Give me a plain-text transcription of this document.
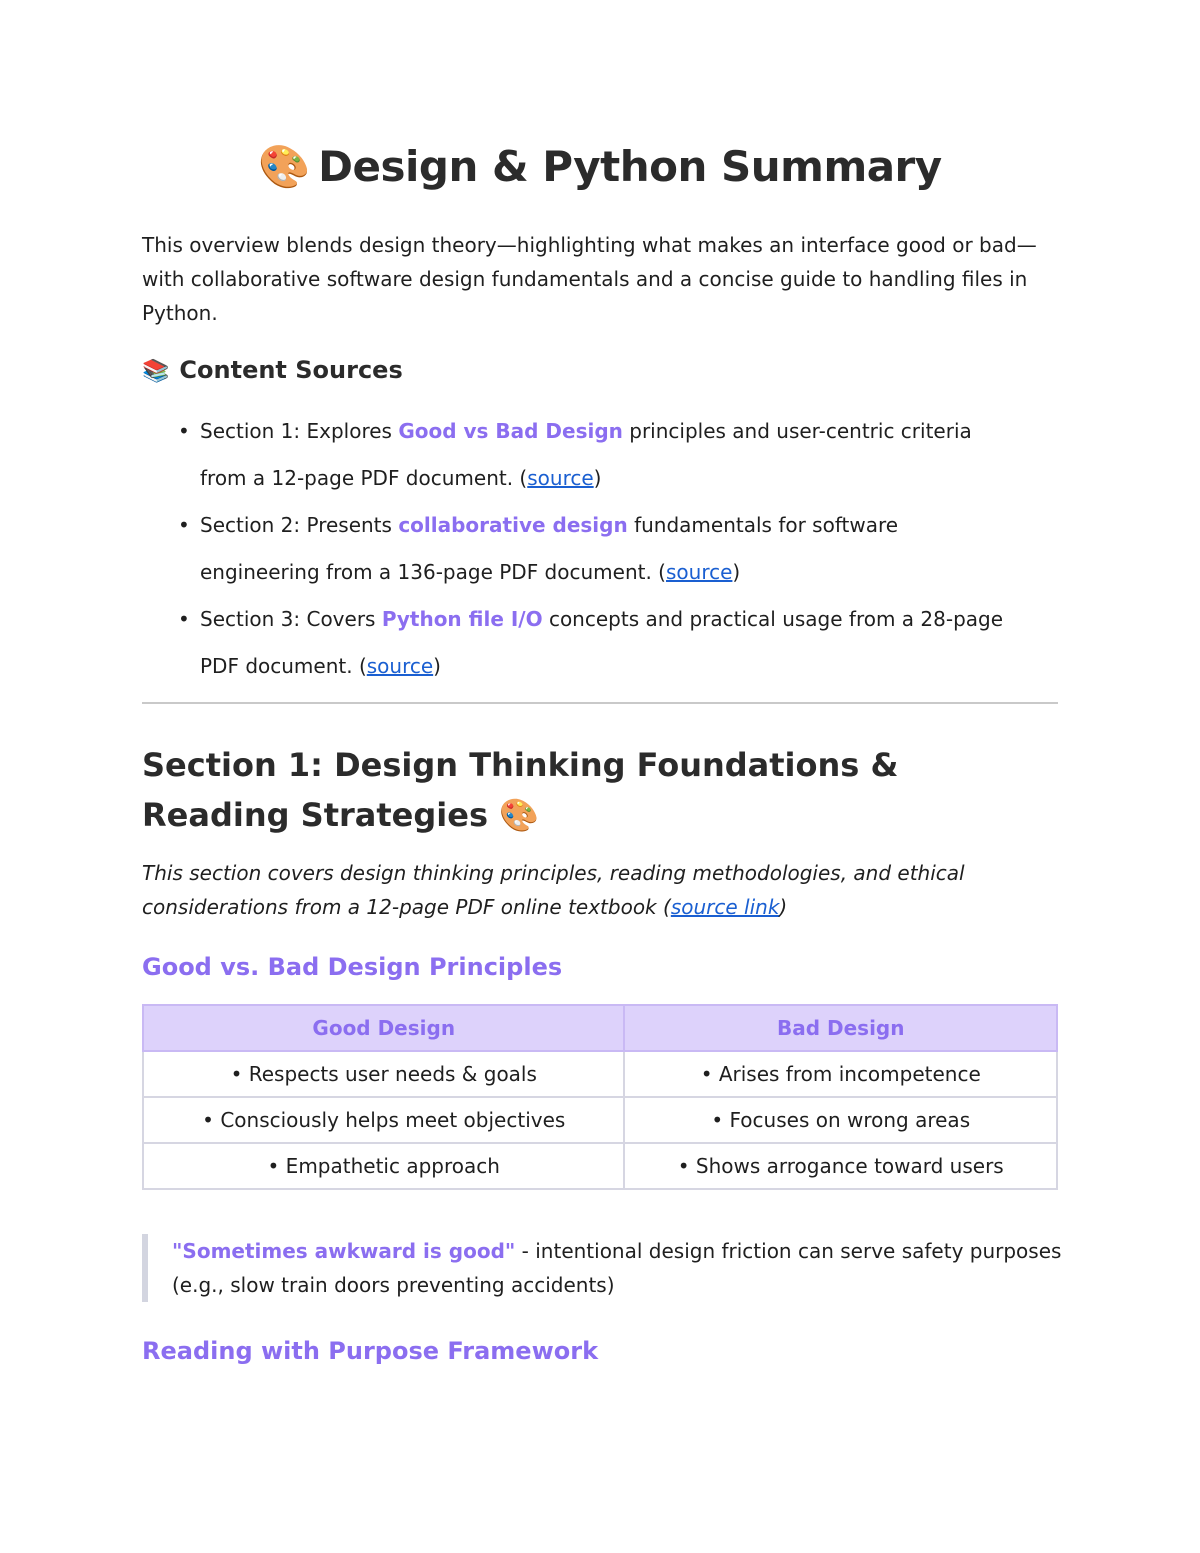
🎨 Design & Python Summary

This overview blends design theory—highlighting what makes an interface good or bad—with collaborative software design fundamentals and a concise guide to handling files in Python.

📚 Content Sources
• Section 1: Explores Good vs Bad Design principles and user-centric criteria from a 12-page PDF document. (source)
• Section 2: Presents collaborative design fundamentals for software engineering from a 136-page PDF document. (source)
• Section 3: Covers Python file I/O concepts and practical usage from a 28-page PDF document. (source)
Section 1: Design Thinking Foundations & Reading Strategies 🎨

This section covers design thinking principles, reading methodologies, and ethical considerations from a 12-page PDF online textbook (source link)

Good vs. Bad Design Principles
Good Design	Bad Design
• Respects user needs & goals	• Arises from incompetence
• Consciously helps meet objectives	• Focuses on wrong areas
• Empathetic approach	• Shows arrogance toward users
"Sometimes awkward is good" - intentional design friction can serve safety purposes (e.g., slow train doors preventing accidents)
Reading with Purpose Framework
